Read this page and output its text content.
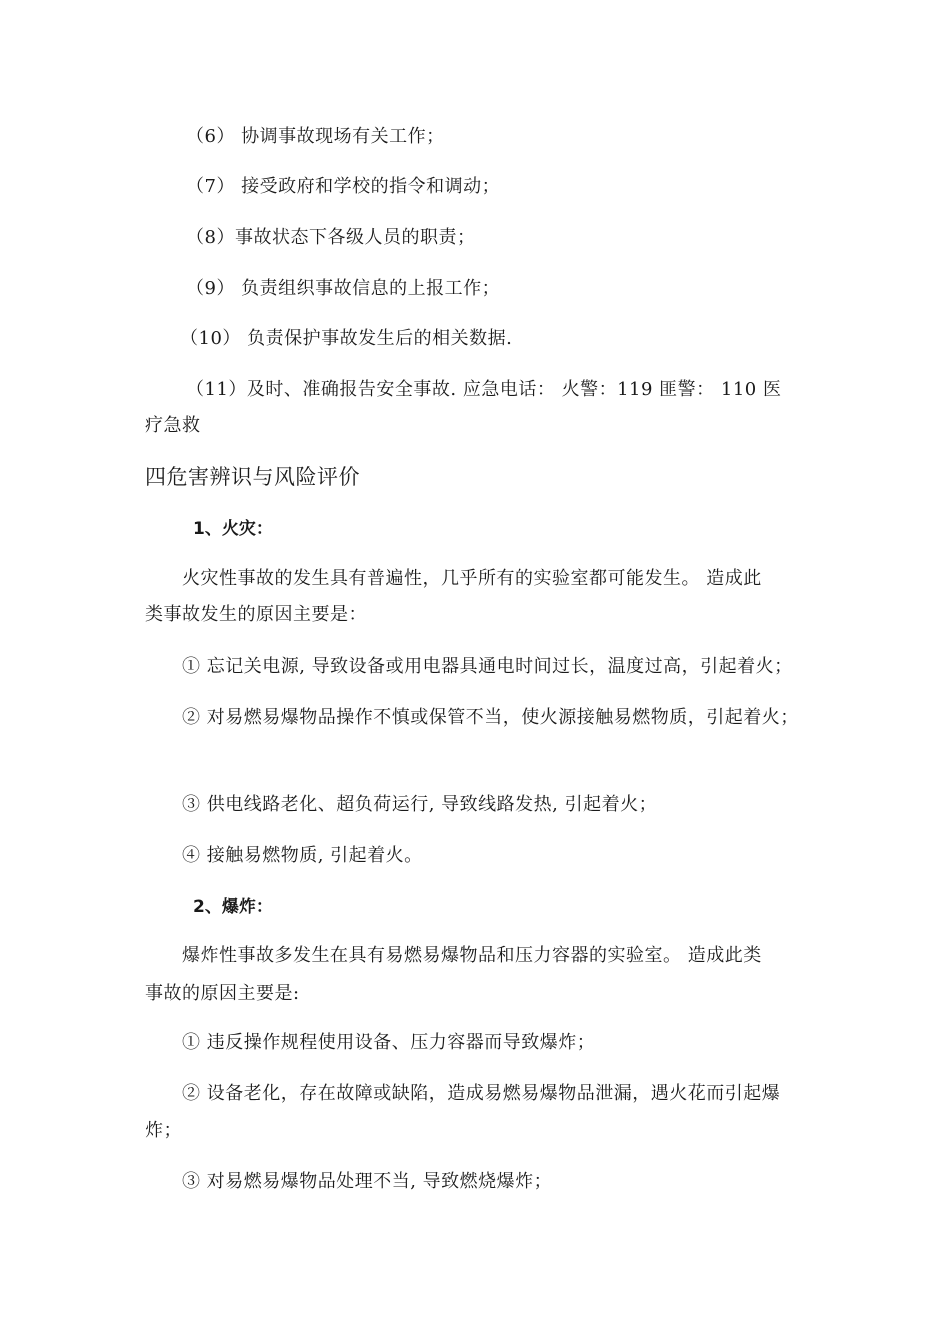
（6） 协调事故现场有关工作；
（7） 接受政府和学校的指令和调动；
（8）事故状态下各级人员的职责；
（9） 负责组织事故信息的上报工作；
（10） 负责保护事故发生后的相关数据.
（11）及时、准确报告安全事故. 应急电话： 火警：119 匪警： 110 医
疗急救
四危害辨识与风险评价
1、火灾：
火灾性事故的发生具有普遍性，几乎所有的实验室都可能发生。 造成此
类事故发生的原因主要是：
① 忘记关电源, 导致设备或用电器具通电时间过长，温度过高，引起着火；
② 对易燃易爆物品操作不慎或保管不当，使火源接触易燃物质，引起着火；
③ 供电线路老化、超负荷运行, 导致线路发热, 引起着火；
④ 接触易燃物质, 引起着火。
2、爆炸：
爆炸性事故多发生在具有易燃易爆物品和压力容器的实验室。 造成此类
事故的原因主要是:
① 违反操作规程使用设备、压力容器而导致爆炸；
② 设备老化，存在故障或缺陷，造成易燃易爆物品泄漏，遇火花而引起爆
炸；
③ 对易燃易爆物品处理不当, 导致燃烧爆炸；
